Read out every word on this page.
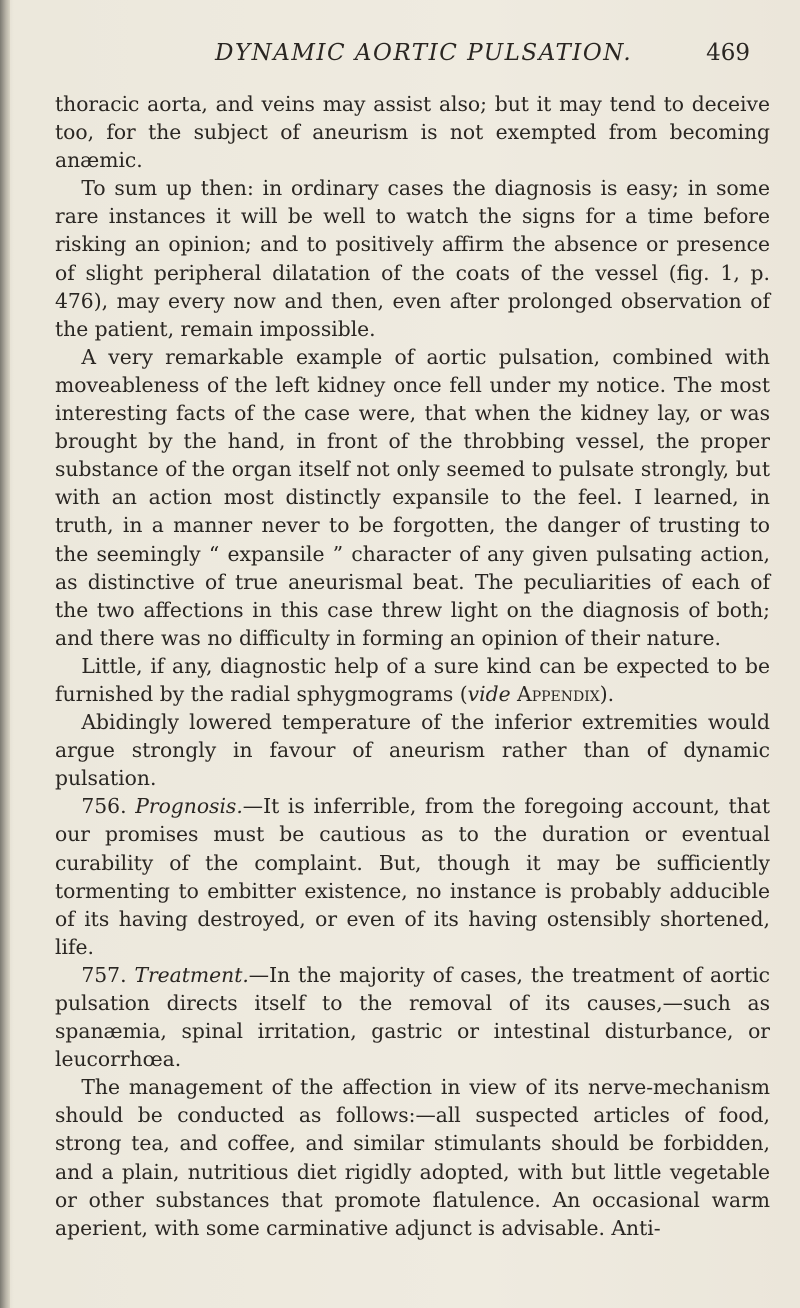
DYNAMIC AORTIC PULSATION.	469

thoracic aorta, and veins may assist also; but it may tend to deceive too, for the subject of aneurism is not exempted from becoming anæmic.

To sum up then: in ordinary cases the diagnosis is easy; in some rare instances it will be well to watch the signs for a time before risking an opinion; and to positively affirm the absence or presence of slight peripheral dilatation of the coats of the vessel (fig. 1, p. 476), may every now and then, even after prolonged observation of the patient, remain impossible.

A very remarkable example of aortic pulsation, combined with moveableness of the left kidney once fell under my notice. The most interesting facts of the case were, that when the kidney lay, or was brought by the hand, in front of the throbbing vessel, the proper substance of the organ itself not only seemed to pulsate strongly, but with an action most distinctly expansile to the feel. I learned, in truth, in a manner never to be forgotten, the danger of trusting to the seemingly “ expansile ” character of any given pulsating action, as distinctive of true aneurismal beat. The peculiarities of each of the two affections in this case threw light on the diagnosis of both; and there was no difficulty in forming an opinion of their nature.

Little, if any, diagnostic help of a sure kind can be expected to be furnished by the radial sphygmograms (vide Appendix).

Abidingly lowered temperature of the inferior extremities would argue strongly in favour of aneurism rather than of dynamic pulsation.

756. Prognosis.—It is inferrible, from the foregoing account, that our promises must be cautious as to the duration or eventual curability of the complaint. But, though it may be sufficiently tormenting to embitter existence, no instance is probably adducible of its having destroyed, or even of its having ostensibly shortened, life.

757. Treatment.—In the majority of cases, the treatment of aortic pulsation directs itself to the removal of its causes,—such as spanæmia, spinal irritation, gastric or intestinal disturbance, or leucorrhœa.

The management of the affection in view of its nerve-mechanism should be conducted as follows:—all suspected articles of food, strong tea, and coffee, and similar stimulants should be forbidden, and a plain, nutritious diet rigidly adopted, with but little vegetable or other substances that promote flatulence. An occasional warm aperient, with some carminative adjunct is advisable. Anti-
